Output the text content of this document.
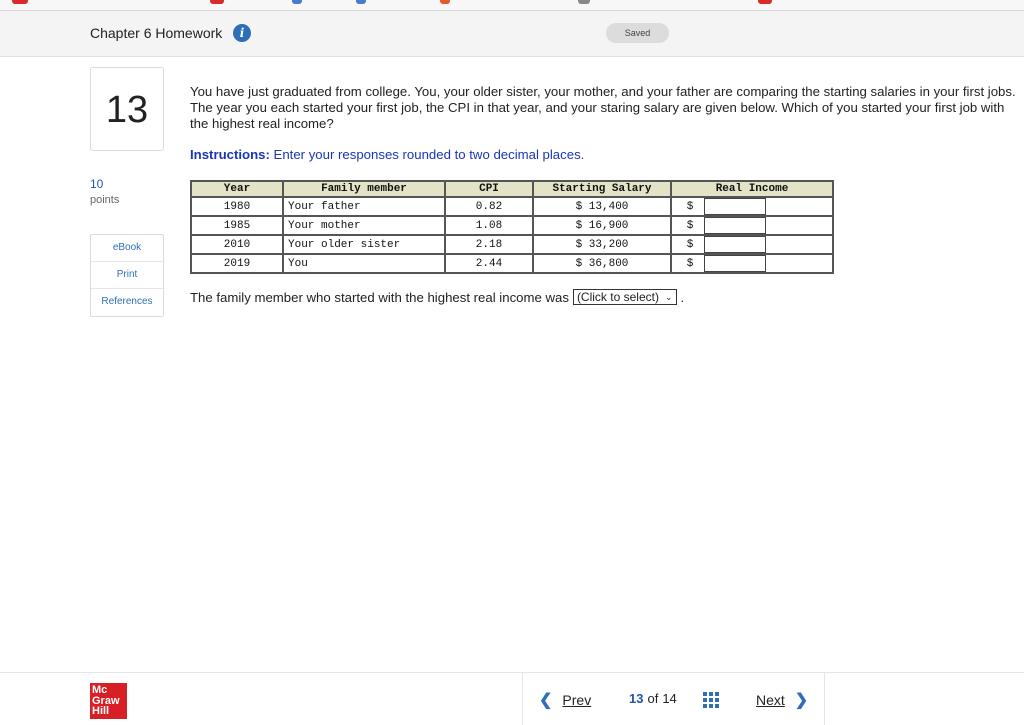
Chapter 6 Homework	i	Saved
13
10
points
eBook
Print
References
You have just graduated from college. You, your older sister, your mother, and your father are comparing the starting salaries in your first jobs. The year you each started your first job, the CPI in that year, and your staring salary are given below. Which of you started your first job with the highest real income?
Instructions: Enter your responses rounded to two decimal places.
Year	Family member	CPI	Starting Salary	Real Income
1980	Your father	0.82	$ 13,400	$

1985	Your mother	1.08	$ 16,900	$

2010	Your older sister	2.18	$ 33,200	$

2019	You	2.44	$ 36,800	$
The family member who started with the highest real income was (Click to select) ⌄ .
Mc
Graw
Hill
❮ Prev	13 of 14	Next ❯
